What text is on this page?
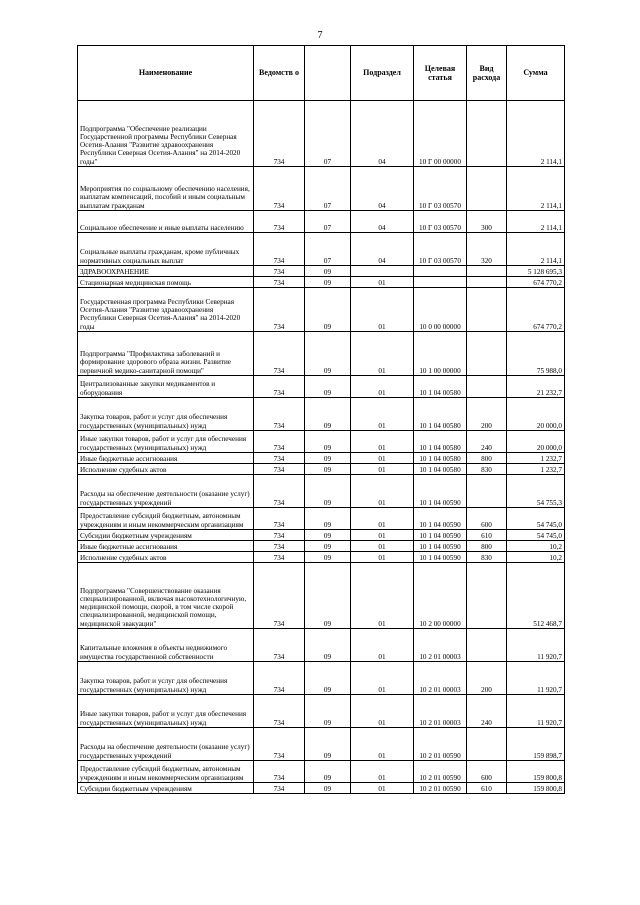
7
Наименование	Ведомств о		Подраздел	Целевая статья	Вид расхода	Сумма
Подпрограмма "Обеспечение реализации Государственной программы Республики Северная Осетия-Алания "Развитие здравоохранения Республики Северная Осетия-Алания" на 2014-2020 годы"	734	07	04	10 Г 00 00000		2 114,1
Мероприятия по социальному обеспечению населения, выплатам компенсаций, пособий и иным социальным выплатам гражданам	734	07	04	10 Г 03 00570		2 114,1
Социальное обеспечение и иные выплаты населению	734	07	04	10 Г 03 00570	300	2 114,1
Социальные выплаты гражданам, кроме публичных нормативных социальных выплат	734	07	04	10 Г 03 00570	320	2 114,1
ЗДРАВООХРАНЕНИЕ	734	09				5 128 695,3
Стационарная медицинская помощь	734	09	01			674 770,2
Государственная программа Республики Северная Осетия-Алания "Развитие здравоохранения Республики Северная Осетия-Алания" на 2014-2020 годы	734	09	01	10 0 00 00000		674 770,2
Подпрограмма "Профилактика заболеваний и формирование здорового образа жизни. Развитие первичной медико-санитарной помощи"	734	09	01	10 1 00 00000		75 988,0
Централизованные закупки медикаментов и оборудования	734	09	01	10 1 04 00580		21 232,7
Закупка товаров, работ и услуг для обеспечения государственных (муниципальных) нужд	734	09	01	10 1 04 00580	200	20 000,0
Иные закупки товаров, работ и услуг для обеспечения государственных (муниципальных) нужд	734	09	01	10 1 04 00580	240	20 000,0
Иные бюджетные ассигнования	734	09	01	10 1 04 00580	800	1 232,7
Исполнение судебных актов	734	09	01	10 1 04 00580	830	1 232,7
Расходы на обеспечение деятельности (оказание услуг) государственных учреждений	734	09	01	10 1 04 00590		54 755,3
Предоставление субсидий бюджетным, автономным учреждениям и иным некоммерческим организациям	734	09	01	10 1 04 00590	600	54 745,0
Субсидии бюджетным учреждениям	734	09	01	10 1 04 00590	610	54 745,0
Иные бюджетные ассигнования	734	09	01	10 1 04 00590	800	10,2
Исполнение судебных актов	734	09	01	10 1 04 00590	830	10,2
Подпрограмма "Совершенствование оказания специализированной, включая высокотехнологичную, медицинской помощи, скорой, в том числе скорой специализированной, медицинской помощи, медицинской эвакуации"	734	09	01	10 2 00 00000		512 468,7
Капитальные вложения в объекты недвижимого имущества государственной собственности	734	09	01	10 2 01 00003		11 920,7
Закупка товаров, работ и услуг для обеспечения государственных (муниципальных) нужд	734	09	01	10 2 01 00003	200	11 920,7
Иные закупки товаров, работ и услуг для обеспечения государственных (муниципальных) нужд	734	09	01	10 2 01 00003	240	11 920,7
Расходы на обеспечение деятельности (оказание услуг) государственных учреждений	734	09	01	10 2 01 00590		159 898,7
Предоставление субсидий бюджетным, автономным учреждениям и иным некоммерческим организациям	734	09	01	10 2 01 00590	600	159 800,8
Субсидии бюджетным учреждениям	734	09	01	10 2 01 00590	610	159 800,8
